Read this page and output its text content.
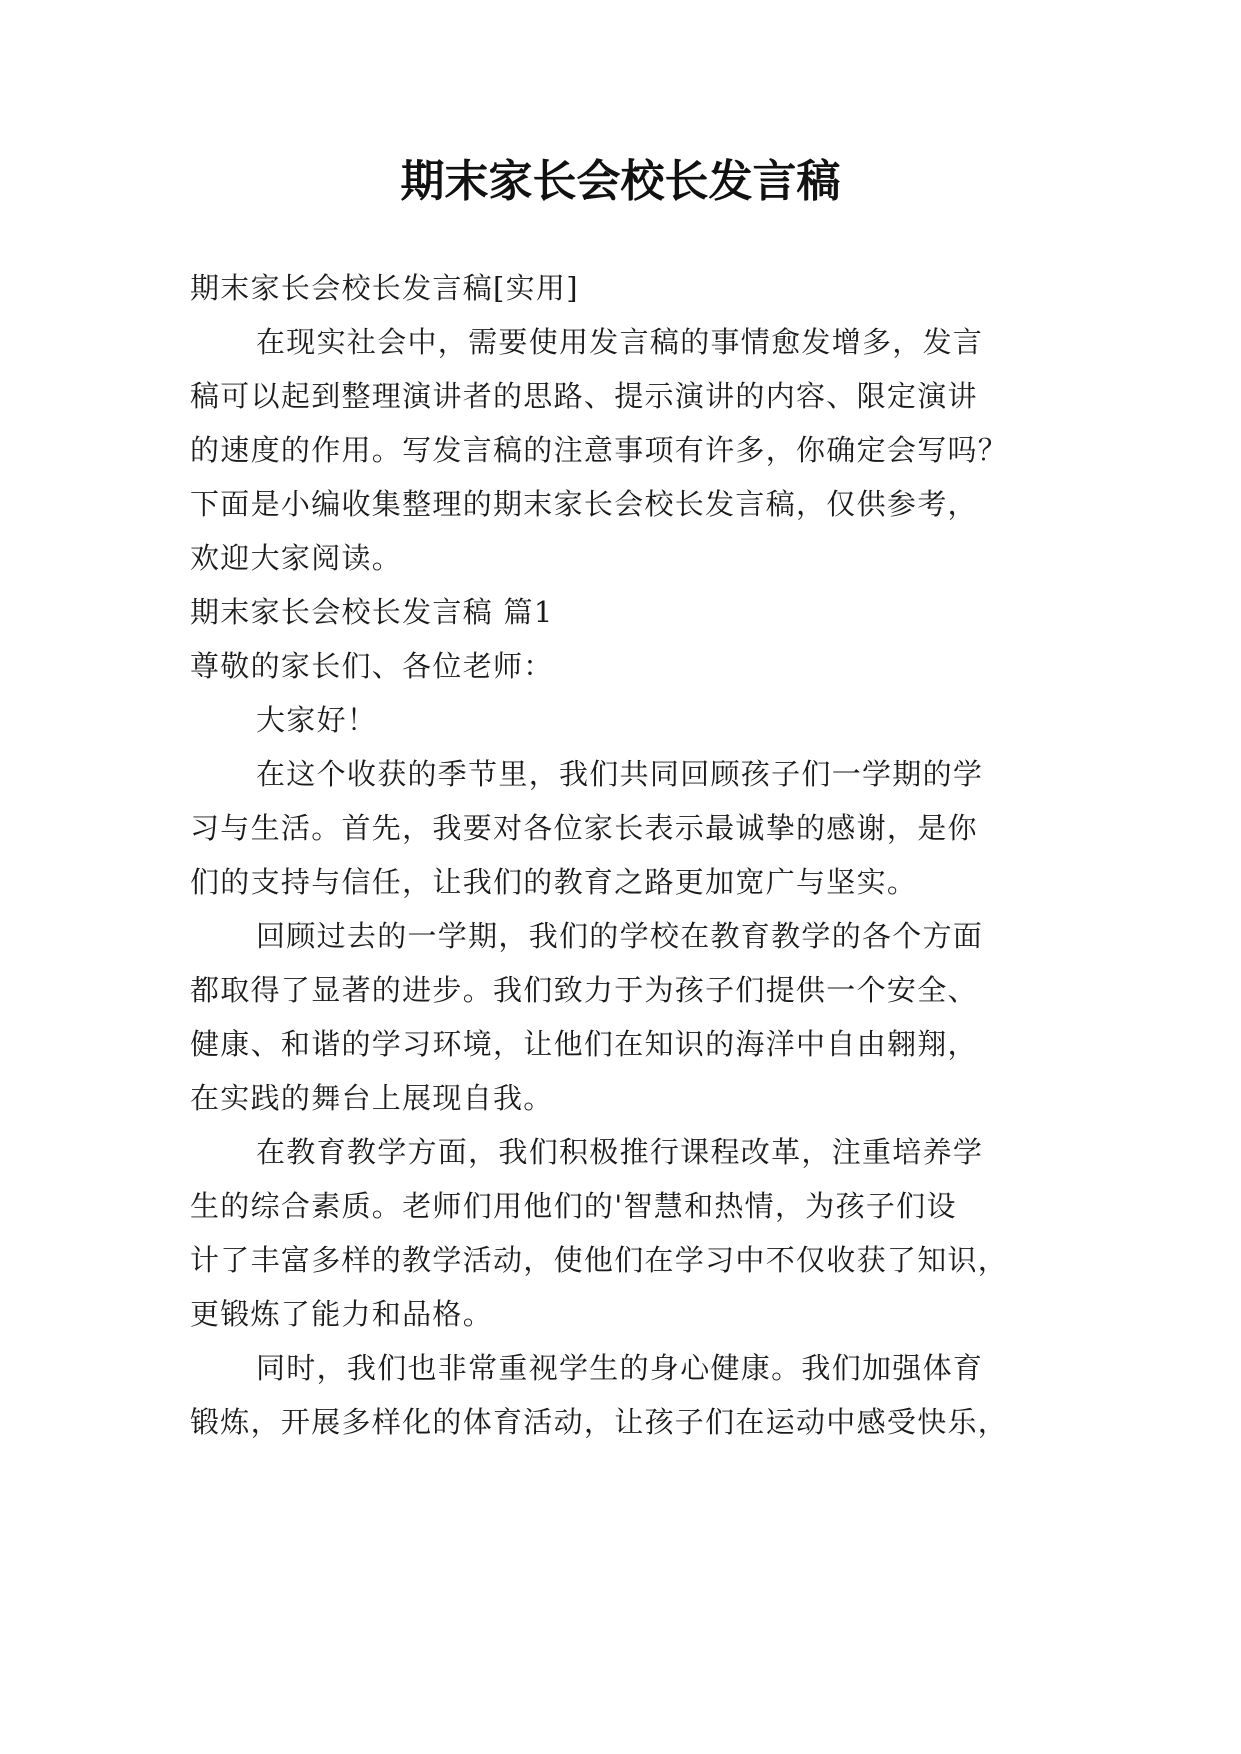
期末家长会校长发言稿
期末家长会校长发言稿[实用]
在现实社会中，需要使用发言稿的事情愈发增多，发言
稿可以起到整理演讲者的思路、提示演讲的内容、限定演讲
的速度的作用。写发言稿的注意事项有许多，你确定会写吗？
下面是小编收集整理的期末家长会校长发言稿，仅供参考，
欢迎大家阅读。
期末家长会校长发言稿 篇1
尊敬的家长们、各位老师：
大家好！
在这个收获的季节里，我们共同回顾孩子们一学期的学
习与生活。首先，我要对各位家长表示最诚挚的感谢，是你
们的支持与信任，让我们的教育之路更加宽广与坚实。
回顾过去的一学期，我们的学校在教育教学的各个方面
都取得了显著的进步。我们致力于为孩子们提供一个安全、
健康、和谐的学习环境，让他们在知识的海洋中自由翱翔，
在实践的舞台上展现自我。
在教育教学方面，我们积极推行课程改革，注重培养学
生的综合素质。老师们用他们的'智慧和热情，为孩子们设
计了丰富多样的教学活动，使他们在学习中不仅收获了知识，
更锻炼了能力和品格。
同时，我们也非常重视学生的身心健康。我们加强体育
锻炼，开展多样化的体育活动，让孩子们在运动中感受快乐，
